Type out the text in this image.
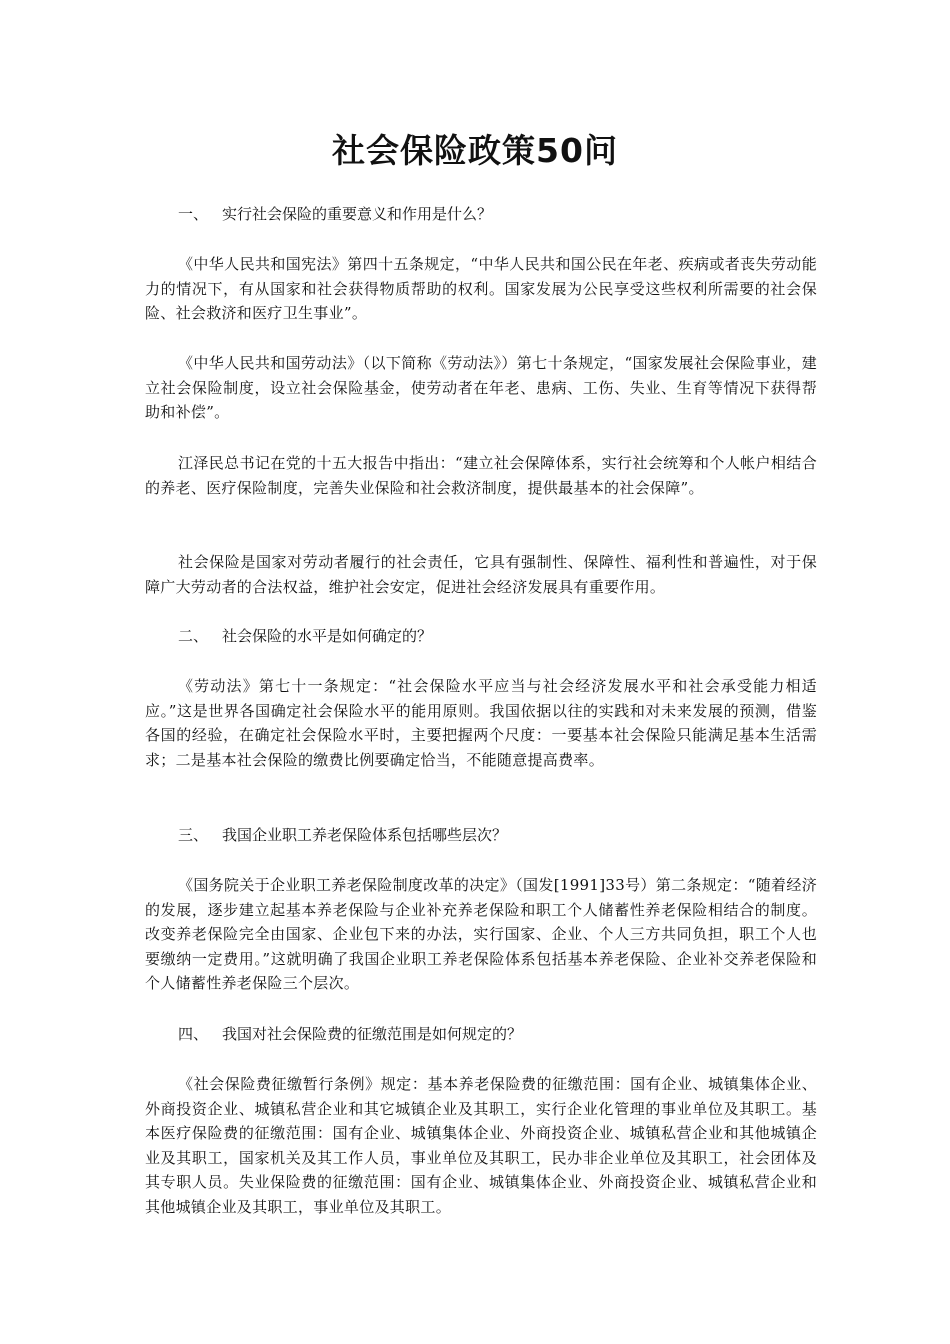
社会保险政策50问
一、 实行社会保险的重要意义和作用是什么？
《中华人民共和国宪法》第四十五条规定，“中华人民共和国公民在年老、疾病或者丧失劳动能力的情况下，有从国家和社会获得物质帮助的权利。国家发展为公民享受这些权利所需要的社会保险、社会救济和医疗卫生事业”。
《中华人民共和国劳动法》（以下简称《劳动法》）第七十条规定，“国家发展社会保险事业，建立社会保险制度，设立社会保险基金，使劳动者在年老、患病、工伤、失业、生育等情况下获得帮助和补偿”。
江泽民总书记在党的十五大报告中指出：“建立社会保障体系，实行社会统筹和个人帐户相结合的养老、医疗保险制度，完善失业保险和社会救济制度，提供最基本的社会保障”。
社会保险是国家对劳动者履行的社会责任，它具有强制性、保障性、福利性和普遍性，对于保障广大劳动者的合法权益，维护社会安定，促进社会经济发展具有重要作用。
二、 社会保险的水平是如何确定的？
《劳动法》第七十一条规定：“社会保险水平应当与社会经济发展水平和社会承受能力相适应。”这是世界各国确定社会保险水平的能用原则。我国依据以往的实践和对未来发展的预测，借鉴各国的经验，在确定社会保险水平时，主要把握两个尺度：一要基本社会保险只能满足基本生活需求；二是基本社会保险的缴费比例要确定恰当，不能随意提高费率。
三、 我国企业职工养老保险体系包括哪些层次？
《国务院关于企业职工养老保险制度改革的决定》（国发[1991]33号）第二条规定：“随着经济的发展，逐步建立起基本养老保险与企业补充养老保险和职工个人储蓄性养老保险相结合的制度。改变养老保险完全由国家、企业包下来的办法，实行国家、企业、个人三方共同负担，职工个人也要缴纳一定费用。”这就明确了我国企业职工养老保险体系包括基本养老保险、企业补交养老保险和个人储蓄性养老保险三个层次。
四、 我国对社会保险费的征缴范围是如何规定的？
《社会保险费征缴暂行条例》规定：基本养老保险费的征缴范围：国有企业、城镇集体企业、外商投资企业、城镇私营企业和其它城镇企业及其职工，实行企业化管理的事业单位及其职工。基本医疗保险费的征缴范围：国有企业、城镇集体企业、外商投资企业、城镇私营企业和其他城镇企业及其职工，国家机关及其工作人员，事业单位及其职工，民办非企业单位及其职工，社会团体及其专职人员。失业保险费的征缴范围：国有企业、城镇集体企业、外商投资企业、城镇私营企业和其他城镇企业及其职工，事业单位及其职工。
